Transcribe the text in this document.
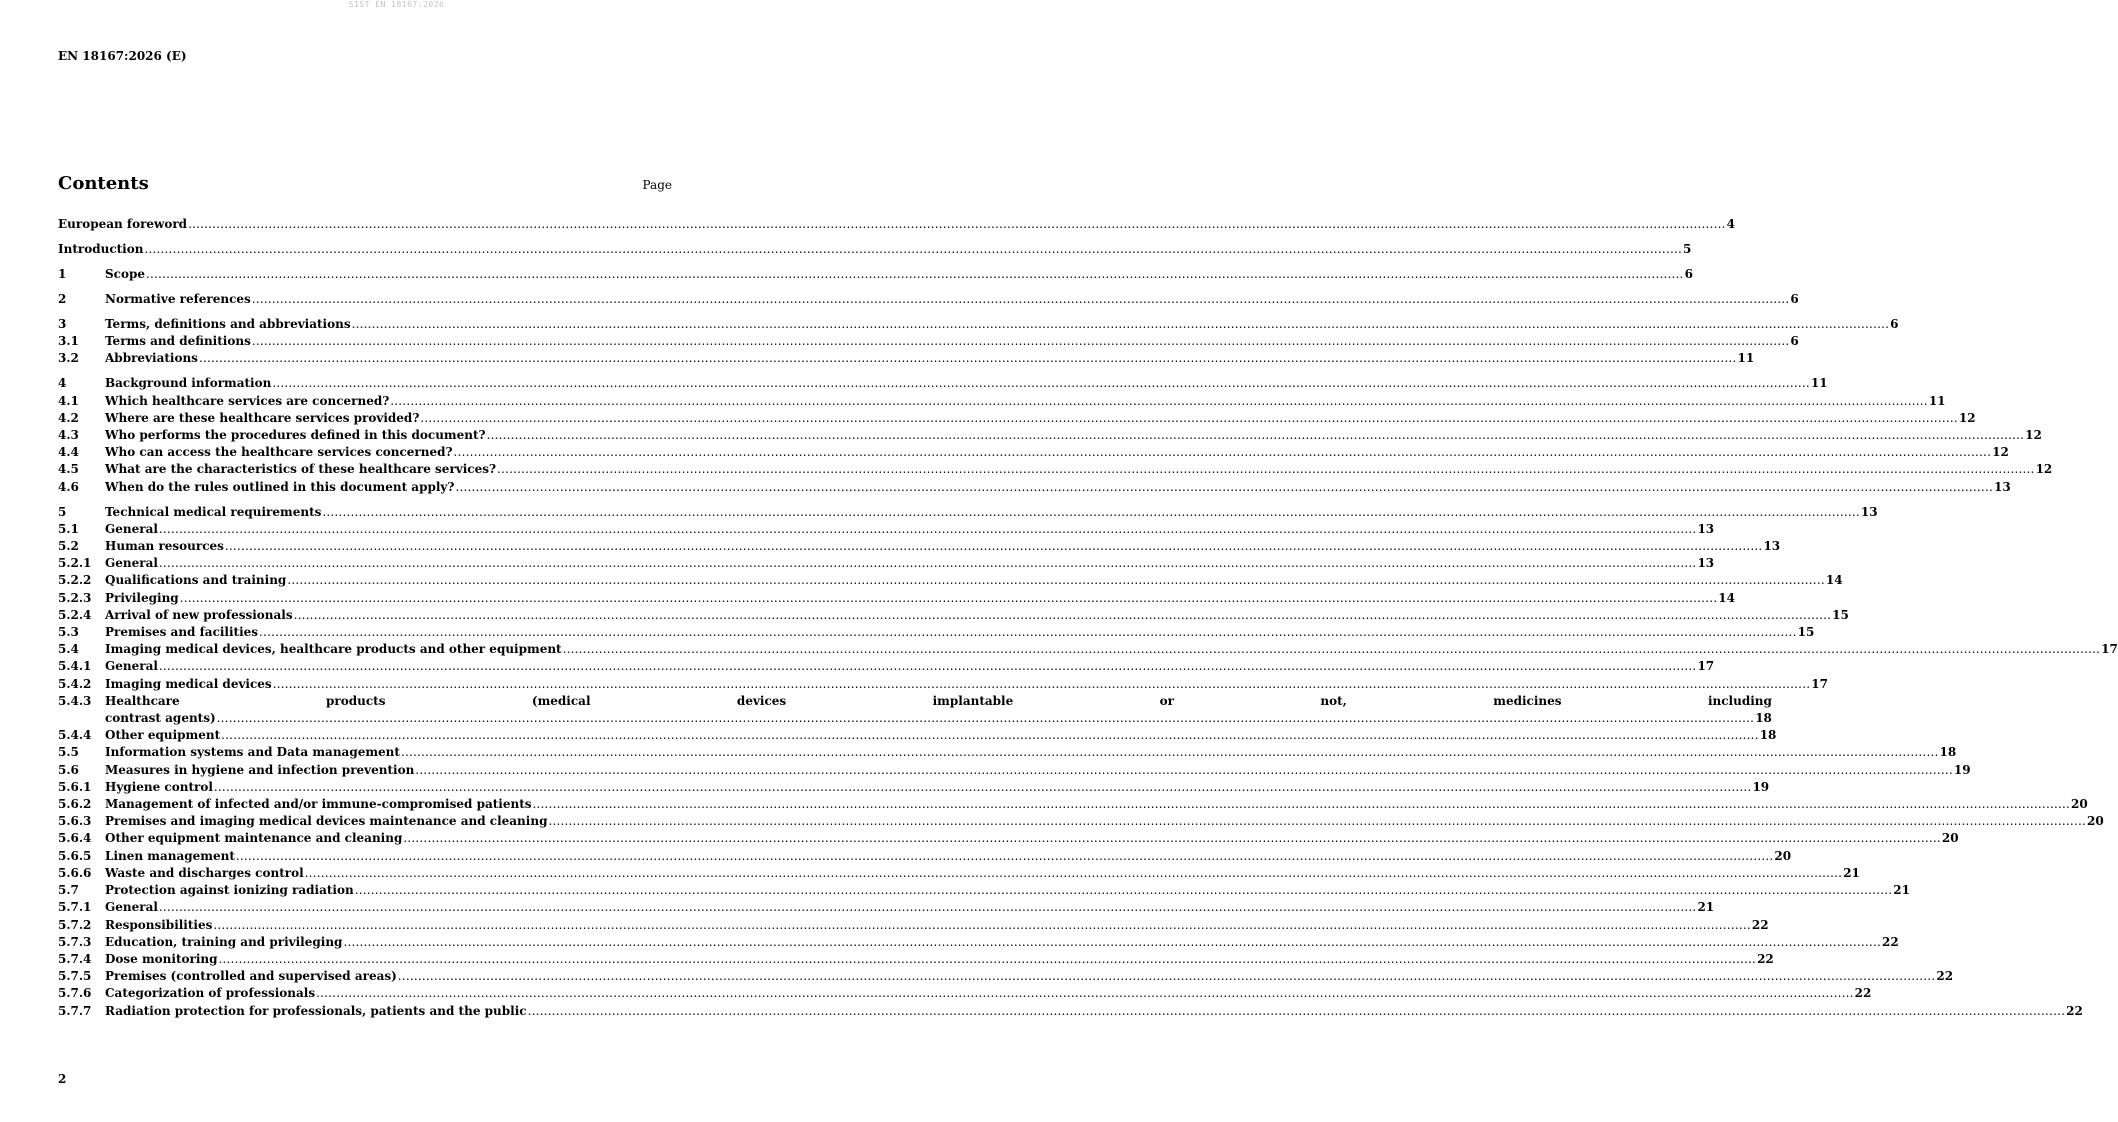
SIST EN 18167:2026
EN 18167:2026 (E)
Contents	Page
European foreword .....	4
Introduction .....	5
1	Scope .....	6
2	Normative references .....	6
3	Terms, definitions and abbreviations .....	6
3.1	Terms and definitions .....	6
3.2	Abbreviations .....	11
4	Background information .....	11
4.1	Which healthcare services are concerned? .....	11
4.2	Where are these healthcare services provided? .....	12
4.3	Who performs the procedures defined in this document? .....	12
4.4	Who can access the healthcare services concerned? .....	12
4.5	What are the characteristics of these healthcare services? .....	12
4.6	When do the rules outlined in this document apply? .....	13
5	Technical medical requirements .....	13
5.1	General .....	13
5.2	Human resources .....	13
5.2.1	General .....	13
5.2.2	Qualifications and training .....	14
5.2.3	Privileging .....	14
5.2.4	Arrival of new professionals .....	15
5.3	Premises and facilities .....	15
5.4	Imaging medical devices, healthcare products and other equipment .....	17
5.4.1	General .....	17
5.4.2	Imaging medical devices .....	17
5.4.3	Healthcare products (medical devices implantable or not, medicines including
contrast agents) .....	18
5.4.4	Other equipment .....	18
5.5	Information systems and Data management .....	18
5.6	Measures in hygiene and infection prevention .....	19
5.6.1	Hygiene control .....	19
5.6.2	Management of infected and/or immune-compromised patients .....	20
5.6.3	Premises and imaging medical devices maintenance and cleaning .....	20
5.6.4	Other equipment maintenance and cleaning .....	20
5.6.5	Linen management .....	20
5.6.6	Waste and discharges control .....	21
5.7	Protection against ionizing radiation .....	21
5.7.1	General .....	21
5.7.2	Responsibilities .....	22
5.7.3	Education, training and privileging .....	22
5.7.4	Dose monitoring .....	22
5.7.5	Premises (controlled and supervised areas) .....	22
5.7.6	Categorization of professionals .....	22
5.7.7	Radiation protection for professionals, patients and the public .....	22
2
